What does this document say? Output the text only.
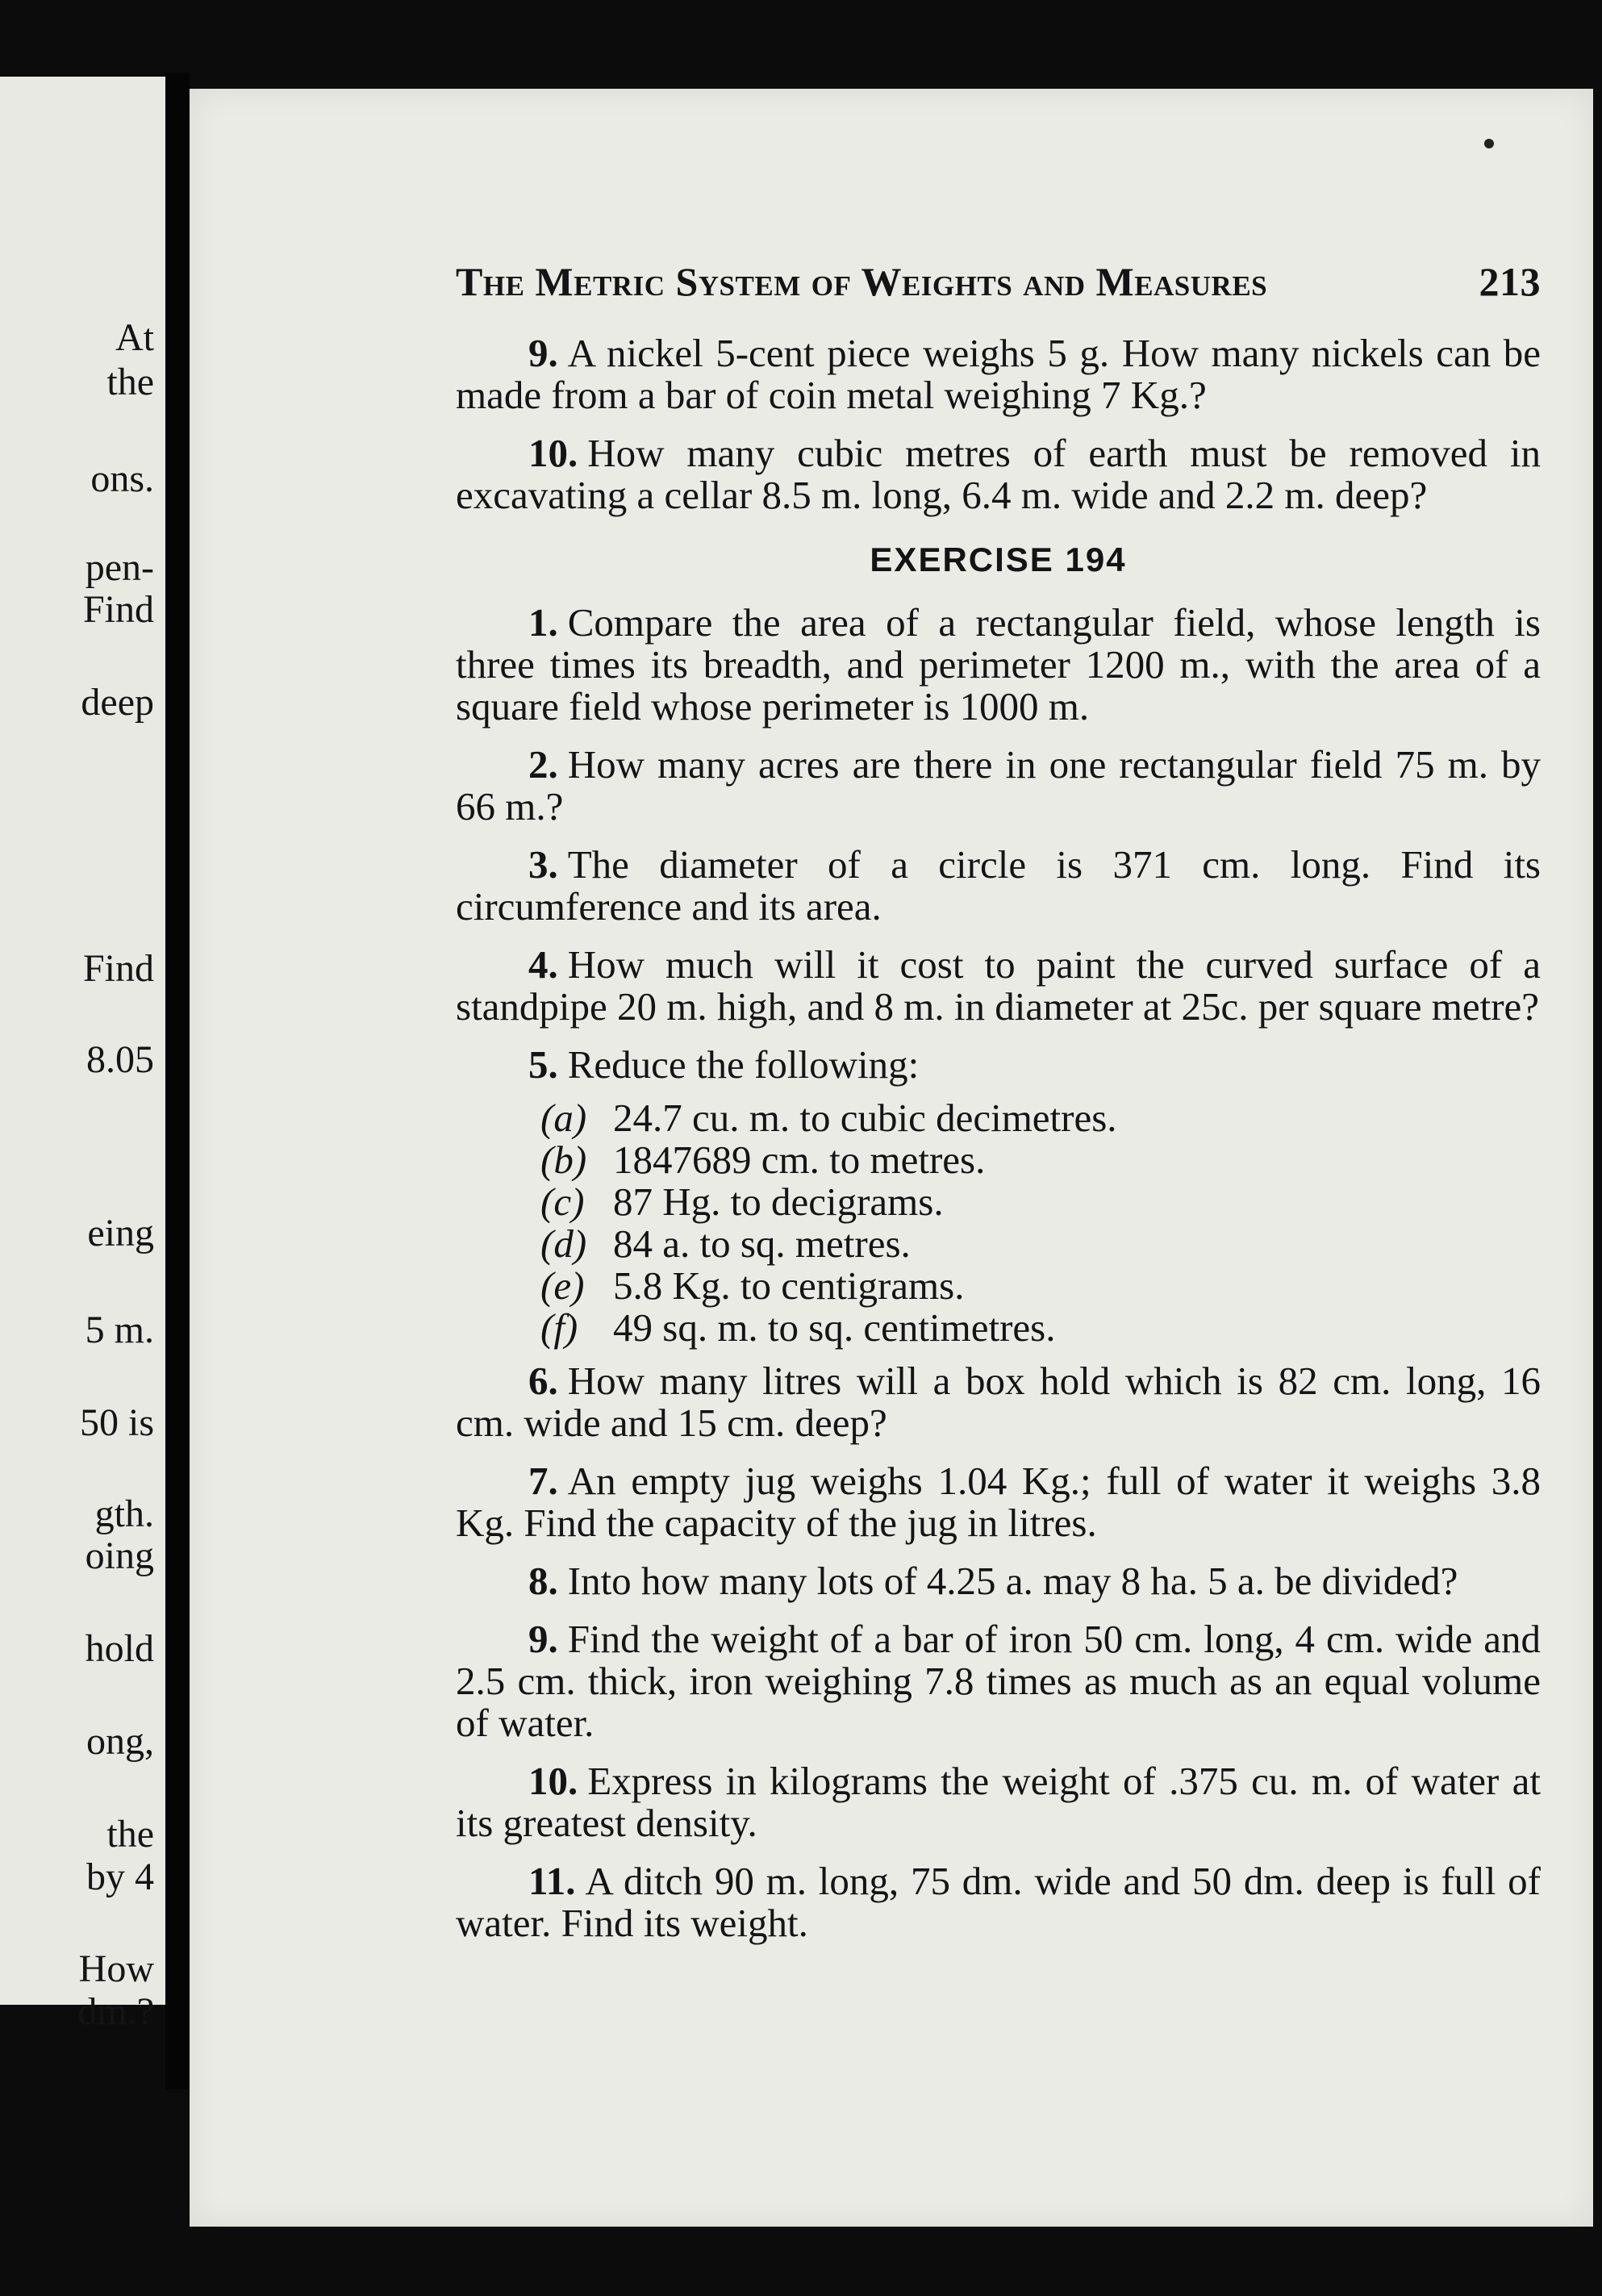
At
the
ons.
pen-
Find
deep
Find
8.05
eing
5 m.
50 is
gth.
oing
hold
ong,
the
by 4
How
dm.?
The Metric System of Weights and Measures	213

9. A nickel 5-cent piece weighs 5 g. How many nickels can be made from a bar of coin metal weighing 7 Kg.?

10. How many cubic metres of earth must be removed in excavating a cellar 8.5 m. long, 6.4 m. wide and 2.2 m. deep?

EXERCISE 194

1. Compare the area of a rectangular field, whose length is three times its breadth, and perimeter 1200 m., with the area of a square field whose perimeter is 1000 m.

2. How many acres are there in one rectangular field 75 m. by 66 m.?

3. The diameter of a circle is 371 cm. long. Find its circumference and its area.

4. How much will it cost to paint the curved surface of a standpipe 20 m. high, and 8 m. in diameter at 25c. per square metre?

5. Reduce the following:

(a) 24.7 cu. m. to cubic decimetres.
(b) 1847689 cm. to metres.
(c) 87 Hg. to decigrams.
(d) 84 a. to sq. metres.
(e) 5.8 Kg. to centigrams.
(f) 49 sq. m. to sq. centimetres.

6. How many litres will a box hold which is 82 cm. long, 16 cm. wide and 15 cm. deep?

7. An empty jug weighs 1.04 Kg.; full of water it weighs 3.8 Kg. Find the capacity of the jug in litres.

8. Into how many lots of 4.25 a. may 8 ha. 5 a. be divided?

9. Find the weight of a bar of iron 50 cm. long, 4 cm. wide and 2.5 cm. thick, iron weighing 7.8 times as much as an equal volume of water.

10. Express in kilograms the weight of .375 cu. m. of water at its greatest density.

11. A ditch 90 m. long, 75 dm. wide and 50 dm. deep is full of water. Find its weight.
